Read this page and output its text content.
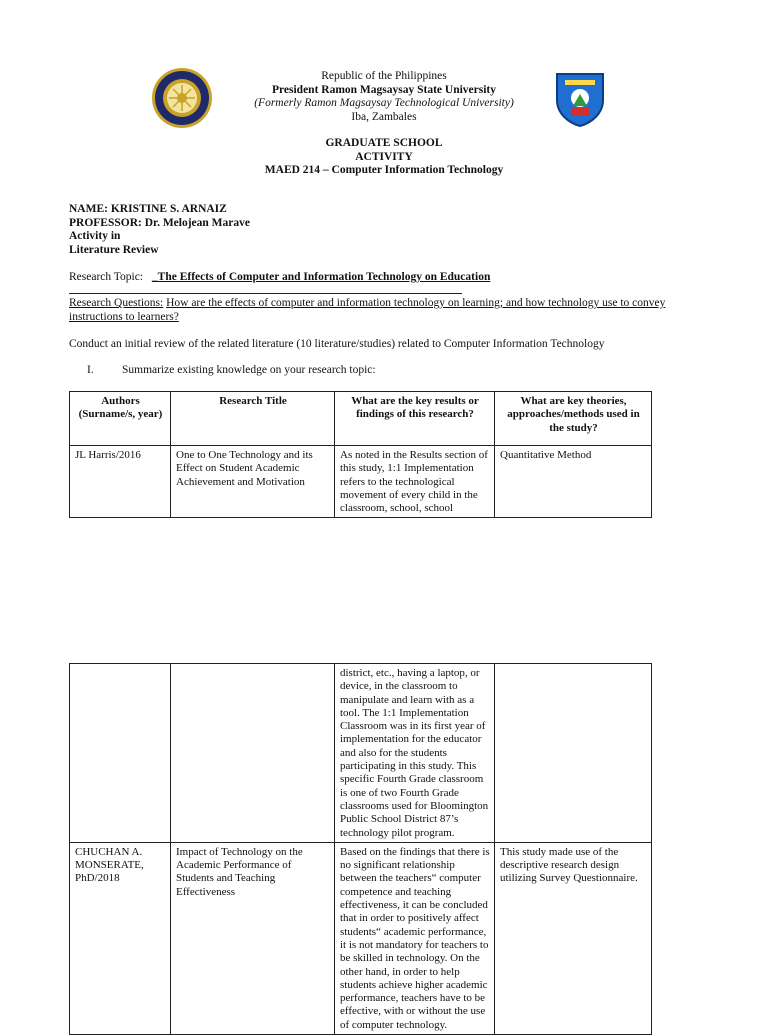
Republic of the Philippines
President Ramon Magsaysay State University
(Formerly Ramon Magsaysay Technological University)
Iba, Zambales
GRADUATE SCHOOL
ACTIVITY
MAED 214 – Computer Information Technology
NAME: KRISTINE S. ARNAIZ
PROFESSOR: Dr. Melojean Marave
Activity in
Literature Review
Research Topic: _The Effects of Computer and Information Technology on Education
Research Questions: How are the effects of computer and information technology on learning; and how technology use to convey instructions to learners?
Conduct an initial review of the related literature (10 literature/studies) related to Computer Information Technology
I. Summarize existing knowledge on your research topic:
Authors (Surname/s, year)	Research Title	What are the key results or findings of this research?	What are key theories, approaches/methods used in the study?
JL Harris/2016	One to One Technology and its Effect on Student Academic Achievement and Motivation	As noted in the Results section of this study, 1:1 Implementation refers to the technological movement of every child in the classroom, school, school	Quantitative Method
		district, etc., having a laptop, or device, in the classroom to manipulate and learn with as a tool. The 1:1 Implementation Classroom was in its first year of implementation for the educator and also for the students participating in this study. This specific Fourth Grade classroom is one of two Fourth Grade classrooms used for Bloomington Public School District 87’s technology pilot program.	
CHUCHAN A. MONSERATE, PhD/2018	Impact of Technology on the Academic Performance of Students and Teaching Effectiveness	Based on the findings that there is no significant relationship between the teachers“ computer competence and teaching effectiveness, it can be concluded that in order to positively affect students“ academic performance, it is not mandatory for teachers to be skilled in technology. On the other hand, in order to help students achieve higher academic performance, teachers have to be effective, with or without the use of computer technology.	This study made use of the descriptive research design utilizing Survey Questionnaire.
